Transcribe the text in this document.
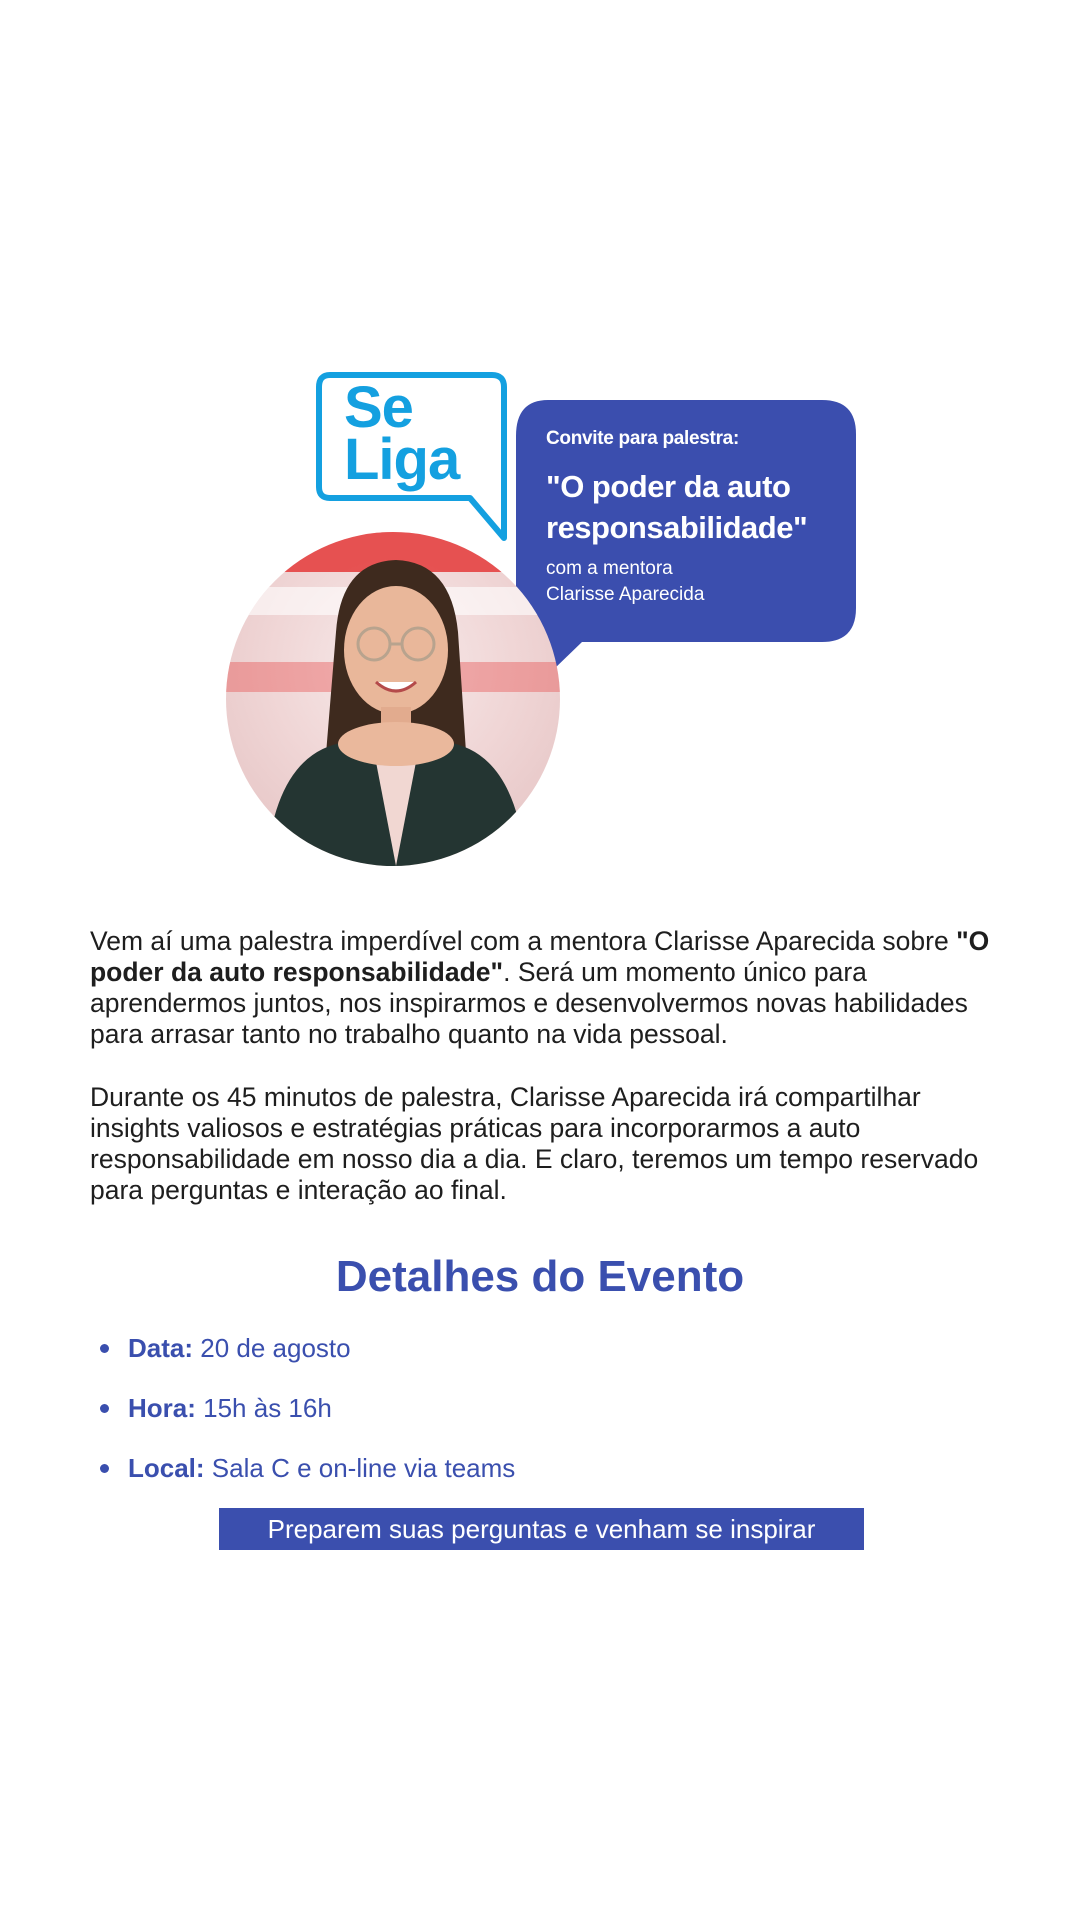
Se
Liga	Convite para palestra:
"O poder da auto responsabilidade"
com a mentora
Clarisse Aparecida

Vem aí uma palestra imperdível com a mentora Clarisse Aparecida sobre "O poder da auto responsabilidade". Será um momento único para aprendermos juntos, nos inspirarmos e desenvolvermos novas habilidades para arrasar tanto no trabalho quanto na vida pessoal.

Durante os 45 minutos de palestra, Clarisse Aparecida irá compartilhar insights valiosos e estratégias práticas para incorporarmos a auto responsabilidade em nosso dia a dia. E claro, teremos um tempo reservado para perguntas e interação ao final.

Detalhes do Evento
Data: 20 de agosto
Hora: 15h às 16h
Local: Sala C e on-line via teams
Preparem suas perguntas e venham se inspirar
